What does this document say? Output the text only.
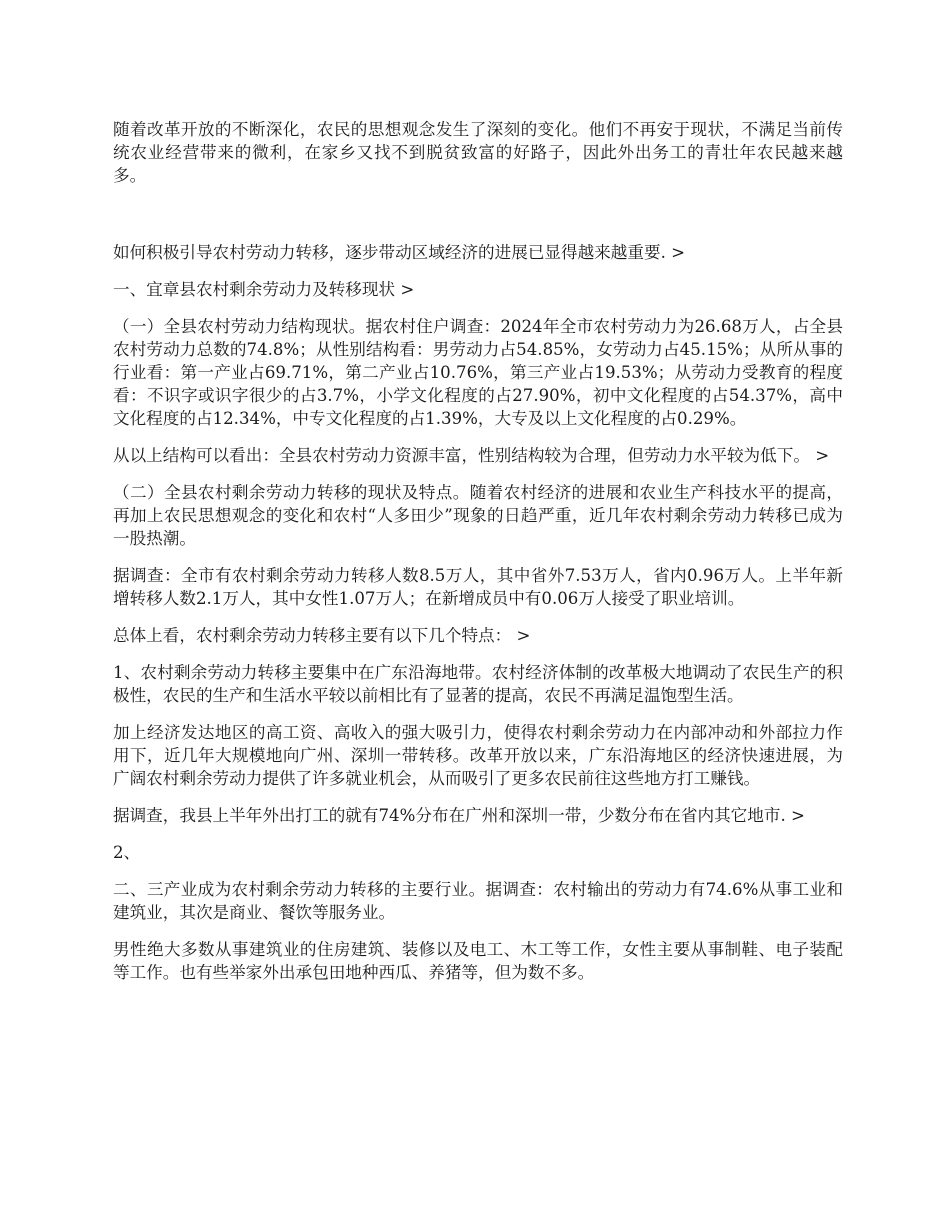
随着改革开放的不断深化，农民的思想观念发生了深刻的变化。他们不再安于现状，不满足当前传统农业经营带来的微利，在家乡又找不到脱贫致富的好路子，因此外出务工的青壮年农民越来越多。

如何积极引导农村劳动力转移，逐步带动区域经济的进展已显得越来越重要. >

一、宜章县农村剩余劳动力及转移现状 >

（一）全县农村劳动力结构现状。据农村住户调查：2024年全市农村劳动力为26.68万人，占全县农村劳动力总数的74.8%；从性别结构看：男劳动力占54.85%，女劳动力占45.15%；从所从事的行业看：第一产业占69.71%，第二产业占10.76%，第三产业占19.53%；从劳动力受教育的程度看：不识字或识字很少的占3.7%，小学文化程度的占27.90%，初中文化程度的占54.37%，高中文化程度的占12.34%，中专文化程度的占1.39%，大专及以上文化程度的占0.29%。

从以上结构可以看出：全县农村劳动力资源丰富，性别结构较为合理，但劳动力水平较为低下。 >

（二）全县农村剩余劳动力转移的现状及特点。随着农村经济的进展和农业生产科技水平的提高，再加上农民思想观念的变化和农村“人多田少”现象的日趋严重，近几年农村剩余劳动力转移已成为一股热潮。

据调查：全市有农村剩余劳动力转移人数8.5万人，其中省外7.53万人，省内0.96万人。上半年新增转移人数2.1万人，其中女性1.07万人；在新增成员中有0.06万人接受了职业培训。

总体上看，农村剩余劳动力转移主要有以下几个特点： >

1、农村剩余劳动力转移主要集中在广东沿海地带。农村经济体制的改革极大地调动了农民生产的积极性，农民的生产和生活水平较以前相比有了显著的提高，农民不再满足温饱型生活。

加上经济发达地区的高工资、高收入的强大吸引力，使得农村剩余劳动力在内部冲动和外部拉力作用下，近几年大规模地向广州、深圳一带转移。改革开放以来，广东沿海地区的经济快速进展，为广阔农村剩余劳动力提供了许多就业机会，从而吸引了更多农民前往这些地方打工赚钱。

据调查，我县上半年外出打工的就有74%分布在广州和深圳一带，少数分布在省内其它地市. >

2、

二、三产业成为农村剩余劳动力转移的主要行业。据调查：农村输出的劳动力有74.6%从事工业和建筑业，其次是商业、餐饮等服务业。

男性绝大多数从事建筑业的住房建筑、装修以及电工、木工等工作，女性主要从事制鞋、电子装配等工作。也有些举家外出承包田地种西瓜、养猪等，但为数不多。
